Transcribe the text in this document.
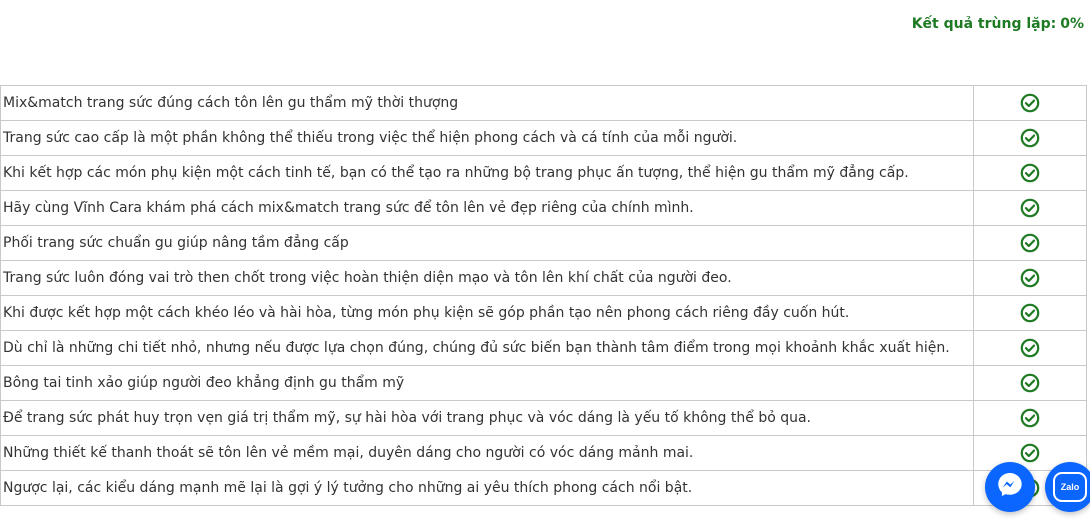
Kết quả trùng lặp: 0%
Mix&match trang sức đúng cách tôn lên gu thẩm mỹ thời thượng	

Trang sức cao cấp là một phần không thể thiếu trong việc thể hiện phong cách và cá tính của mỗi người.	

Khi kết hợp các món phụ kiện một cách tinh tế, bạn có thể tạo ra những bộ trang phục ấn tượng, thể hiện gu thẩm mỹ đẳng cấp.	

Hãy cùng Vĩnh Cara khám phá cách mix&match trang sức để tôn lên vẻ đẹp riêng của chính mình.	

Phối trang sức chuẩn gu giúp nâng tầm đẳng cấp	

Trang sức luôn đóng vai trò then chốt trong việc hoàn thiện diện mạo và tôn lên khí chất của người đeo.	

Khi được kết hợp một cách khéo léo và hài hòa, từng món phụ kiện sẽ góp phần tạo nên phong cách riêng đầy cuốn hút.	

Dù chỉ là những chi tiết nhỏ, nhưng nếu được lựa chọn đúng, chúng đủ sức biến bạn thành tâm điểm trong mọi khoảnh khắc xuất hiện.	

Bông tai tinh xảo giúp người đeo khẳng định gu thẩm mỹ	

Để trang sức phát huy trọn vẹn giá trị thẩm mỹ, sự hài hòa với trang phục và vóc dáng là yếu tố không thể bỏ qua.	

Những thiết kế thanh thoát sẽ tôn lên vẻ mềm mại, duyên dáng cho người có vóc dáng mảnh mai.	

Ngược lại, các kiểu dáng mạnh mẽ lại là gợi ý lý tưởng cho những ai yêu thích phong cách nổi bật.		Zalo
